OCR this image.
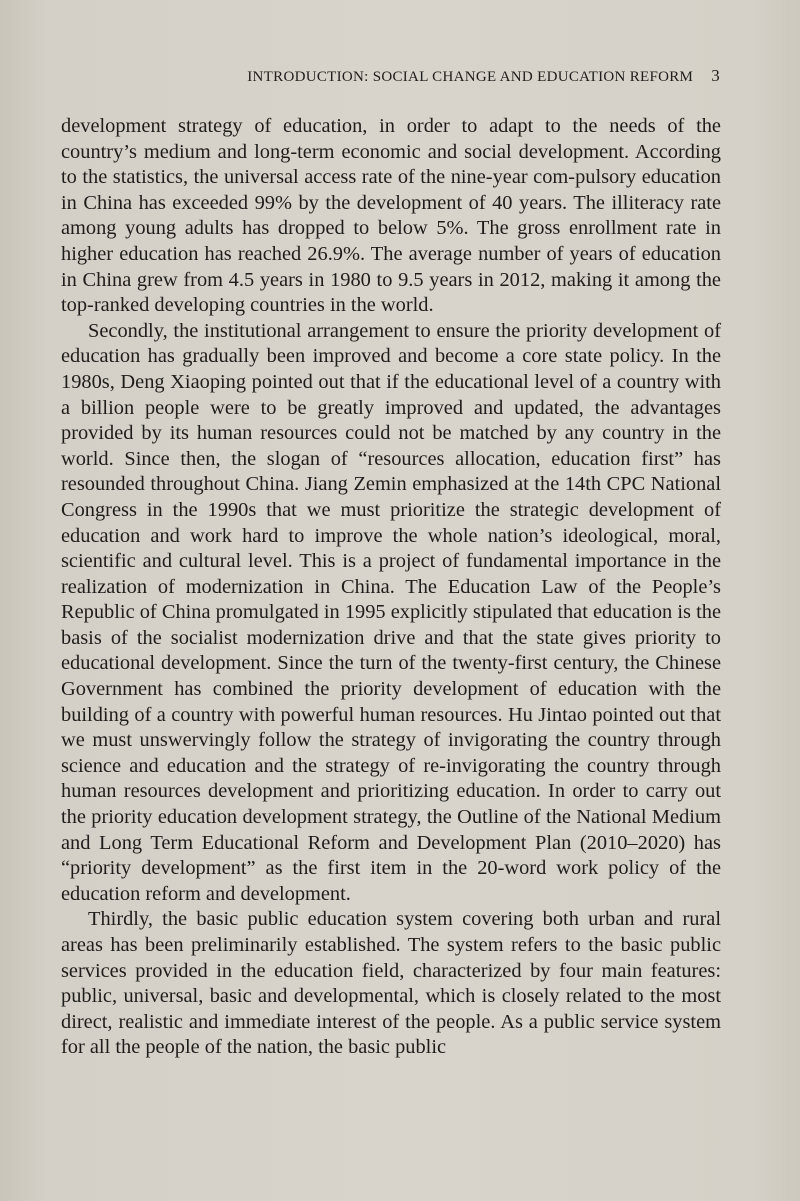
INTRODUCTION: SOCIAL CHANGE AND EDUCATION REFORM 3

development strategy of education, in order to adapt to the needs of the country’s medium and long-term economic and social development. According to the statistics, the universal access rate of the nine-year com-pulsory education in China has exceeded 99% by the development of 40 years. The illiteracy rate among young adults has dropped to below 5%. The gross enrollment rate in higher education has reached 26.9%. The average number of years of education in China grew from 4.5 years in 1980 to 9.5 years in 2012, making it among the top-ranked developing countries in the world.

Secondly, the institutional arrangement to ensure the priority development of education has gradually been improved and become a core state policy. In the 1980s, Deng Xiaoping pointed out that if the educational level of a country with a billion people were to be greatly improved and updated, the advantages provided by its human resources could not be matched by any country in the world. Since then, the slogan of “resources allocation, education first” has resounded throughout China. Jiang Zemin emphasized at the 14th CPC National Congress in the 1990s that we must prioritize the strategic development of education and work hard to improve the whole nation’s ideological, moral, scientific and cultural level. This is a project of fundamental importance in the realization of modernization in China. The Education Law of the People’s Republic of China promulgated in 1995 explicitly stipulated that education is the basis of the socialist modernization drive and that the state gives priority to educational development. Since the turn of the twenty-first century, the Chinese Government has combined the priority development of education with the building of a country with powerful human resources. Hu Jintao pointed out that we must unswervingly follow the strategy of invigorating the country through science and education and the strategy of re-invigorating the country through human resources development and prioritizing education. In order to carry out the priority education development strategy, the Outline of the National Medium and Long Term Educational Reform and Development Plan (2010–2020) has “priority development” as the first item in the 20-word work policy of the education reform and development.

Thirdly, the basic public education system covering both urban and rural areas has been preliminarily established. The system refers to the basic public services provided in the education field, characterized by four main features: public, universal, basic and developmental, which is closely related to the most direct, realistic and immediate interest of the people. As a public service system for all the people of the nation, the basic public
